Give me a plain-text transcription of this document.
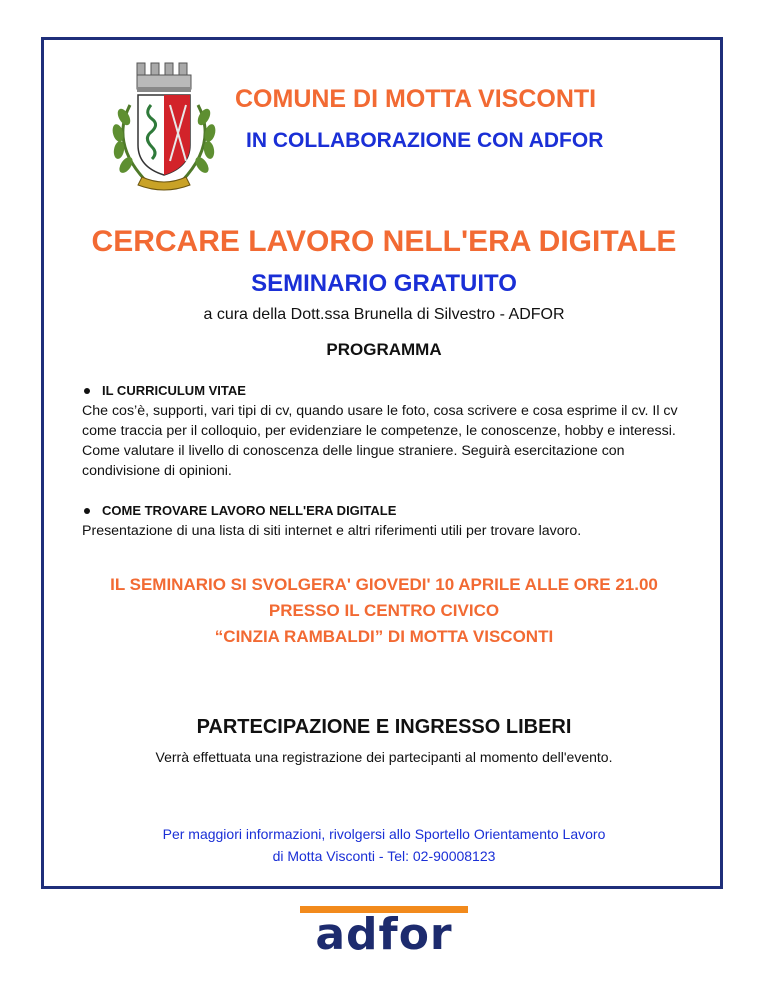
COMUNE DI MOTTA VISCONTI
IN COLLABORAZIONE CON ADFOR
CERCARE LAVORO NELL'ERA DIGITALE
SEMINARIO GRATUITO
a cura della Dott.ssa Brunella di Silvestro - ADFOR
PROGRAMMA
IL CURRICULUM VITAE

Che cos’è, supporti, vari tipi di cv, quando usare le foto, cosa scrivere e cosa esprime il cv. Il cv come traccia per il colloquio, per evidenziare le competenze, le conoscenze, hobby e interessi. Come valutare il livello di conoscenza delle lingue straniere. Seguirà esercitazione con condivisione di opinioni.

COME TROVARE LAVORO NELL'ERA DIGITALE

Presentazione di una lista di siti internet e altri riferimenti utili per trovare lavoro.

IL SEMINARIO SI SVOLGERA' GIOVEDI' 10 APRILE ALLE ORE 21.00
PRESSO IL CENTRO CIVICO
“CINZIA RAMBALDI” DI MOTTA VISCONTI
PARTECIPAZIONE E INGRESSO LIBERI
Verrà effettuata una registrazione dei partecipanti al momento dell'evento.
Per maggiori informazioni, rivolgersi allo Sportello Orientamento Lavoro
di Motta Visconti - Tel: 02-90008123
adfor
